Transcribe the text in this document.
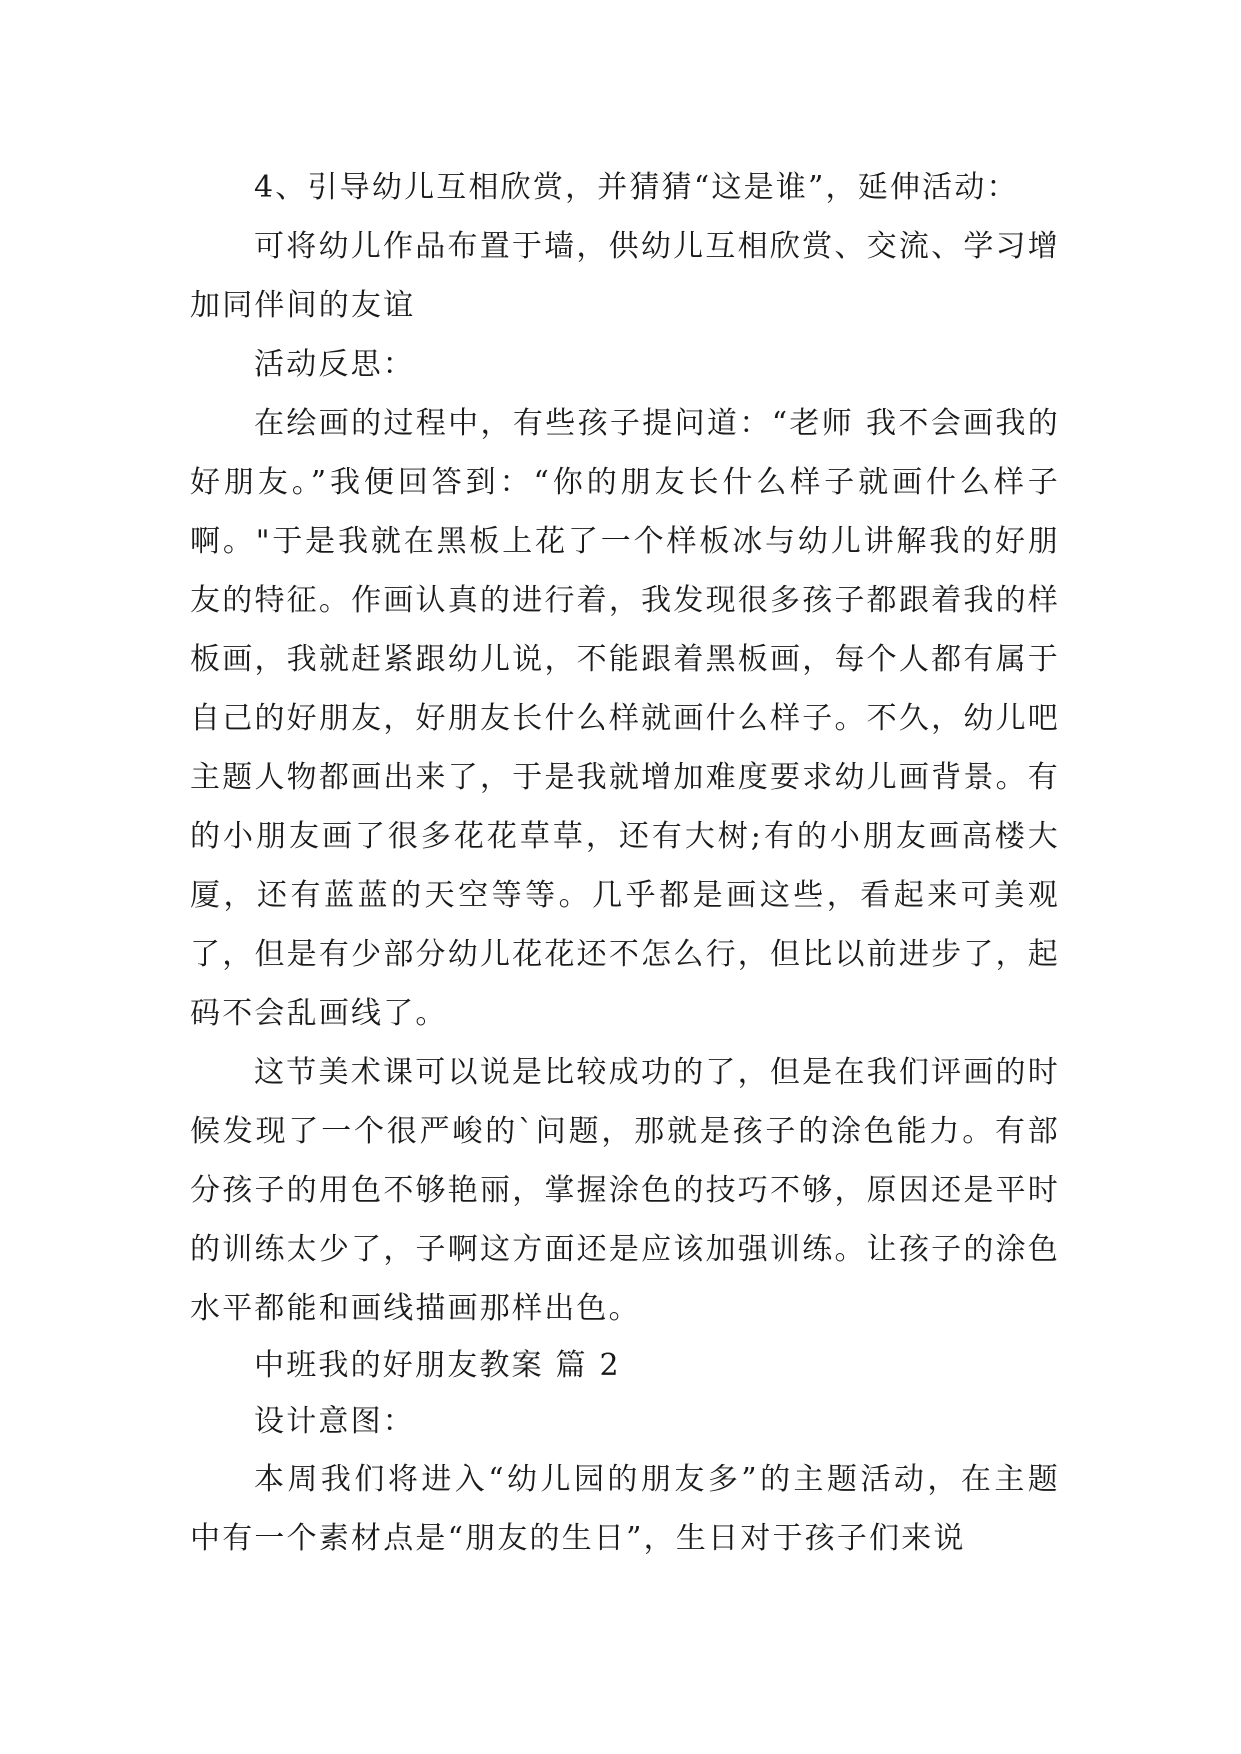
4、引导幼儿互相欣赏，并猜猜“这是谁”，延伸活动：

可将幼儿作品布置于墙，供幼儿互相欣赏、交流、学习增加同伴间的友谊

活动反思：

在绘画的过程中，有些孩子提问道：“老师 我不会画我的好朋友。”我便回答到：“你的朋友长什么样子就画什么样子啊。"于是我就在黑板上花了一个样板冰与幼儿讲解我的好朋友的特征。作画认真的进行着，我发现很多孩子都跟着我的样板画，我就赶紧跟幼儿说，不能跟着黑板画，每个人都有属于自己的好朋友，好朋友长什么样就画什么样子。不久，幼儿吧主题人物都画出来了，于是我就增加难度要求幼儿画背景。有的小朋友画了很多花花草草，还有大树;有的小朋友画高楼大厦，还有蓝蓝的天空等等。几乎都是画这些，看起来可美观了，但是有少部分幼儿花花还不怎么行，但比以前进步了，起码不会乱画线了。

这节美术课可以说是比较成功的了，但是在我们评画的时候发现了一个很严峻的`问题，那就是孩子的涂色能力。有部分孩子的用色不够艳丽，掌握涂色的技巧不够，原因还是平时的训练太少了，子啊这方面还是应该加强训练。让孩子的涂色水平都能和画线描画那样出色。

中班我的好朋友教案 篇 2

设计意图：

本周我们将进入“幼儿园的朋友多”的主题活动，在主题中有一个素材点是“朋友的生日”，生日对于孩子们来说
